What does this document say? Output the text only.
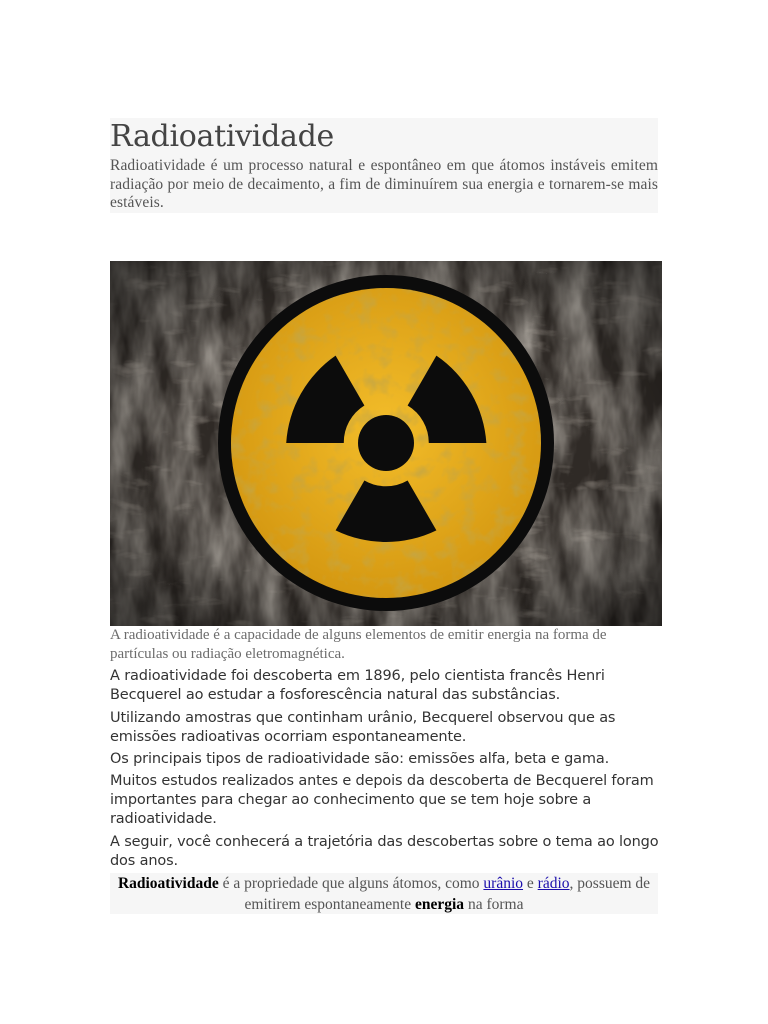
Radioatividade

Radioatividade é um processo natural e espontâneo em que átomos instáveis emitem radiação por meio de decaimento, a fim de diminuírem sua energia e tornarem-se mais estáveis.

A radioatividade é a capacidade de alguns elementos de emitir energia na forma de partículas ou radiação eletromagnética.

A radioatividade foi descoberta em 1896, pelo cientista francês Henri Becquerel ao estudar a fosforescência natural das substâncias.

Utilizando amostras que continham urânio, Becquerel observou que as emissões radioativas ocorriam espontaneamente.

Os principais tipos de radioatividade são: emissões alfa, beta e gama.

Muitos estudos realizados antes e depois da descoberta de Becquerel foram importantes para chegar ao conhecimento que se tem hoje sobre a radioatividade.

A seguir, você conhecerá a trajetória das descobertas sobre o tema ao longo dos anos.

Radioatividade é a propriedade que alguns átomos, como urânio e rádio, possuem de emitirem espontaneamente energia na forma
